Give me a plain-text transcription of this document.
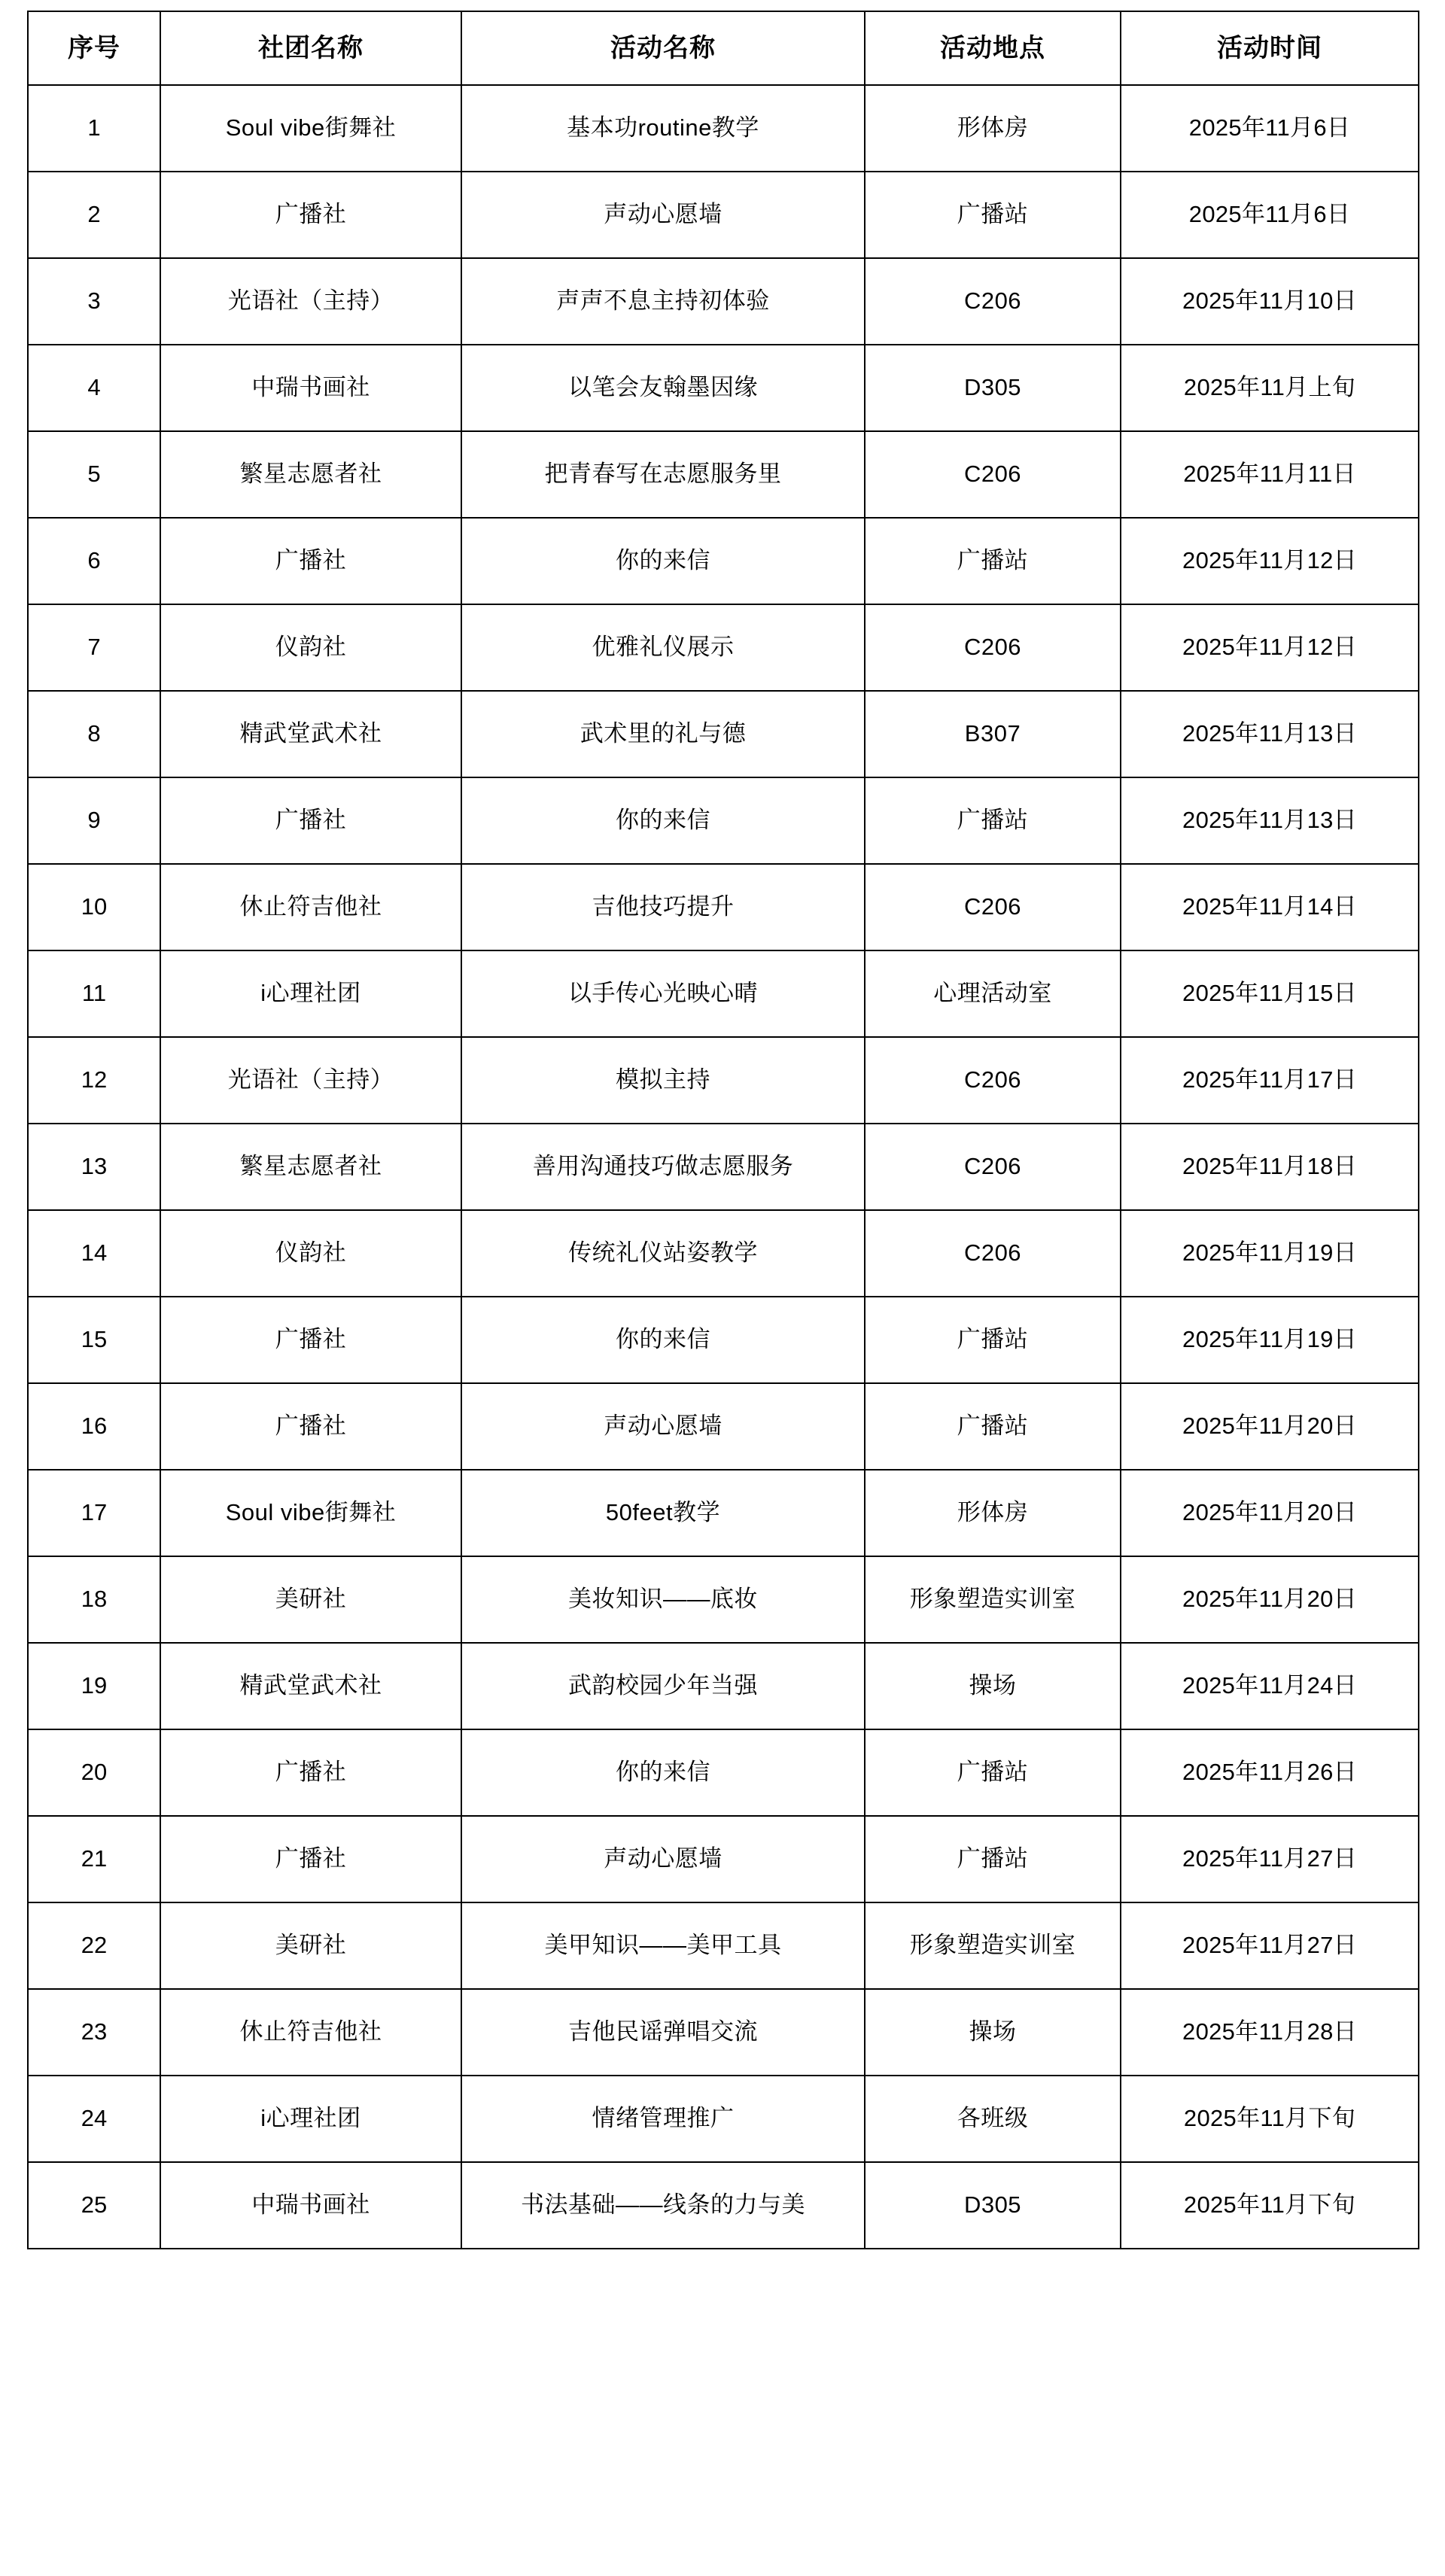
序号	社团名称	活动名称	活动地点	活动时间
1	Soul vibe街舞社	基本功routine教学	形体房	2025年11月6日
2	广播社	声动心愿墙	广播站	2025年11月6日
3	光语社（主持）	声声不息主持初体验	C206	2025年11月10日
4	中瑞书画社	以笔会友翰墨因缘	D305	2025年11月上旬
5	繁星志愿者社	把青春写在志愿服务里	C206	2025年11月11日
6	广播社	你的来信	广播站	2025年11月12日
7	仪韵社	优雅礼仪展示	C206	2025年11月12日
8	精武堂武术社	武术里的礼与德	B307	2025年11月13日
9	广播社	你的来信	广播站	2025年11月13日
10	休止符吉他社	吉他技巧提升	C206	2025年11月14日
11	i心理社团	以手传心光映心晴	心理活动室	2025年11月15日
12	光语社（主持）	模拟主持	C206	2025年11月17日
13	繁星志愿者社	善用沟通技巧做志愿服务	C206	2025年11月18日
14	仪韵社	传统礼仪站姿教学	C206	2025年11月19日
15	广播社	你的来信	广播站	2025年11月19日
16	广播社	声动心愿墙	广播站	2025年11月20日
17	Soul vibe街舞社	50feet教学	形体房	2025年11月20日
18	美研社	美妆知识——底妆	形象塑造实训室	2025年11月20日
19	精武堂武术社	武韵校园少年当强	操场	2025年11月24日
20	广播社	你的来信	广播站	2025年11月26日
21	广播社	声动心愿墙	广播站	2025年11月27日
22	美研社	美甲知识——美甲工具	形象塑造实训室	2025年11月27日
23	休止符吉他社	吉他民谣弹唱交流	操场	2025年11月28日
24	i心理社团	情绪管理推广	各班级	2025年11月下旬
25	中瑞书画社	书法基础——线条的力与美	D305	2025年11月下旬
